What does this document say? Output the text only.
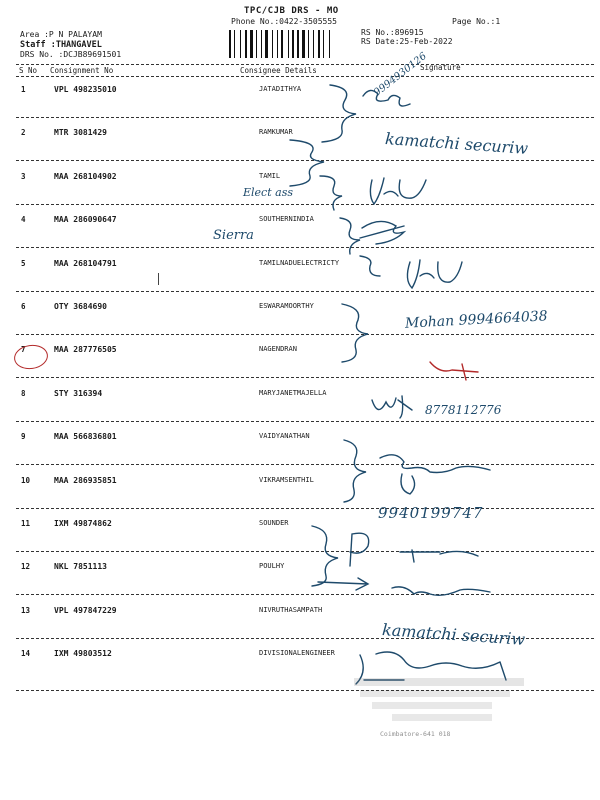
TPC/CJB DRS - MO
Phone No.:0422-3505555	Page No.:1
Area :P N PALAYAM
Staff :THANGAVEL
DRS No. :DCJB89691501
RS No.:896915
RS Date:25-Feb-2022
S No Consignment No	Consignee Details	Signature
1	VPL 498235010	JATADITHYA
2	MTR 3081429	RAMKUMAR
3	MAA 268104902	TAMIL
4	MAA 286090647	SOUTHERNINDIA
5	MAA 268104791	TAMILNADUELECTRICTY
6	OTY 3684690	ESWARAMOORTHY
7	MAA 287776505	NAGENDRAN
8	STY 316394	MARYJANETMAJELLA
9	MAA 566836801	VAIDYANATHAN
10	MAA 286935851	VIKRAMSENTHIL
11	IXM 49874862	SOUNDER
12	NKL 7851113	POULHY
13	VPL 497847229	NIVRUTHASAMPATH
14	IXM 49803512	DIVISIONALENGINEER
9994930126
kamatchi securiw
Elect ass
Sierra
Mohan 9994664038
8778112776
9940199747
kamatchi securiw
Coimbatore-641 018
